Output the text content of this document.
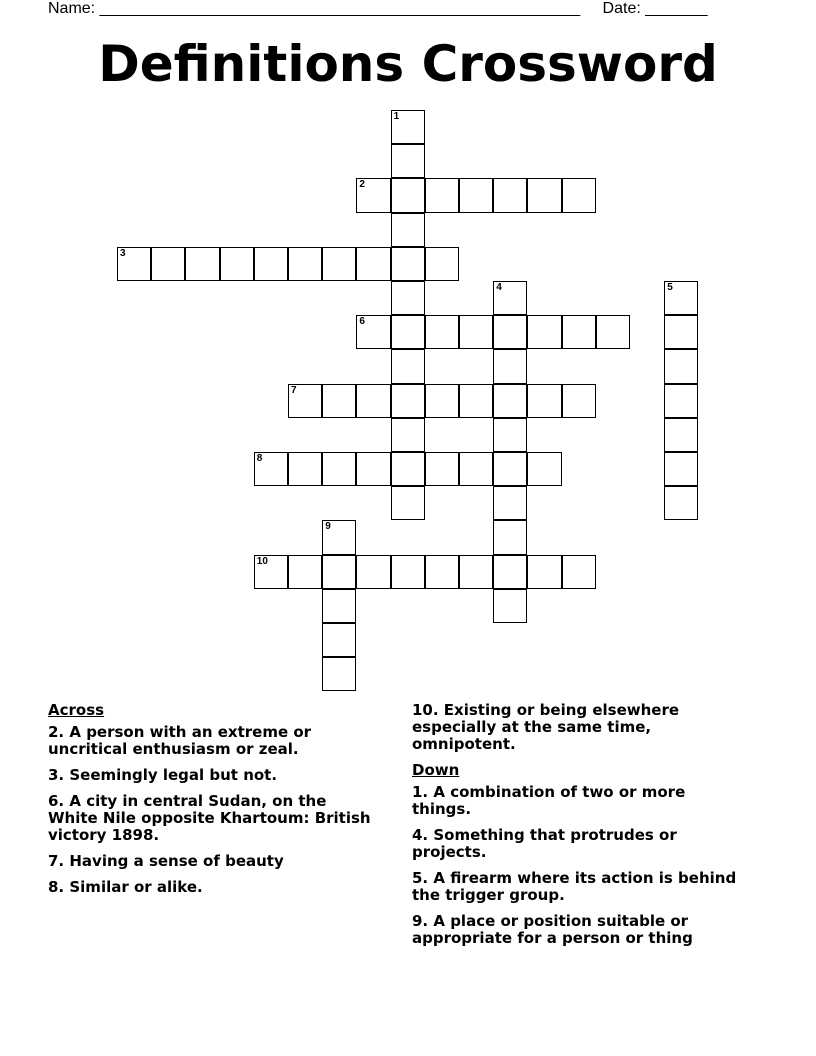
Name: ______________________________________________________ Date: _______
Definitions Crossword
1
2
3
4	5
6
7
8
9
10
Across
2. A person with an extreme or uncritical enthusiasm or zeal.
3. Seemingly legal but not.
6. A city in central Sudan, on the White Nile opposite Khartoum: British victory 1898.
7. Having a sense of beauty
8. Similar or alike.
10. Existing or being elsewhere especially at the same time, omnipotent.
Down
1. A combination of two or more things.
4. Something that protrudes or projects.
5. A firearm where its action is behind the trigger group.
9. A place or position suitable or appropriate for a person or thing
